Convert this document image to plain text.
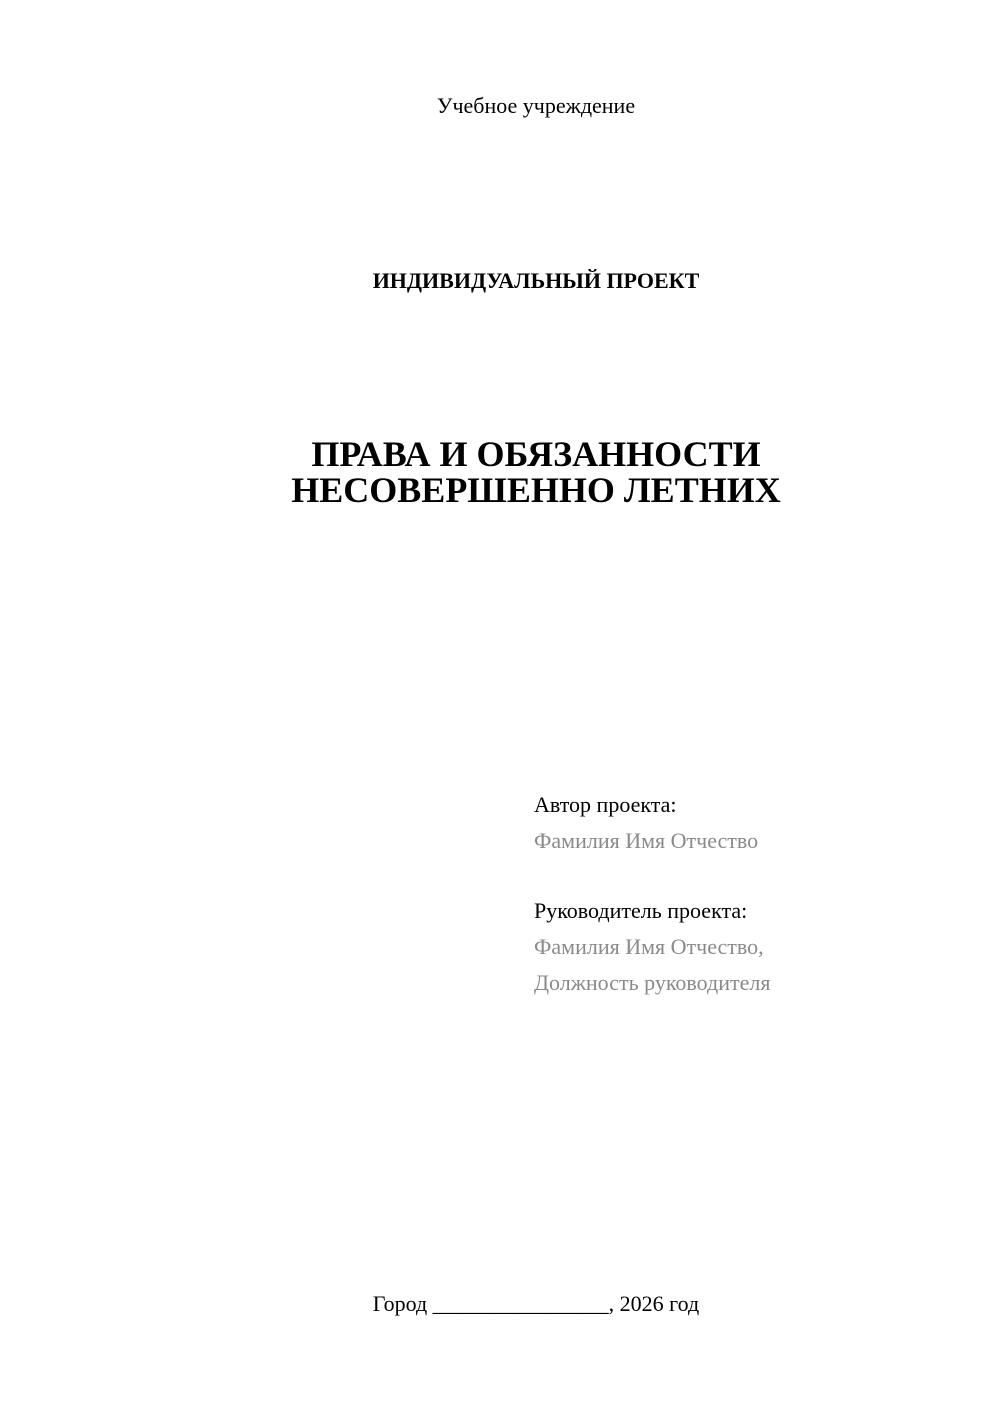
Учебное учреждение
ИНДИВИДУАЛЬНЫЙ ПРОЕКТ
ПРАВА И ОБЯЗАННОСТИ
НЕСОВЕРШЕННО ЛЕТНИХ
Автор проекта:
Фамилия Имя Отчество
Руководитель проекта:
Фамилия Имя Отчество,
Должность руководителя
Город ________________, 2026 год
